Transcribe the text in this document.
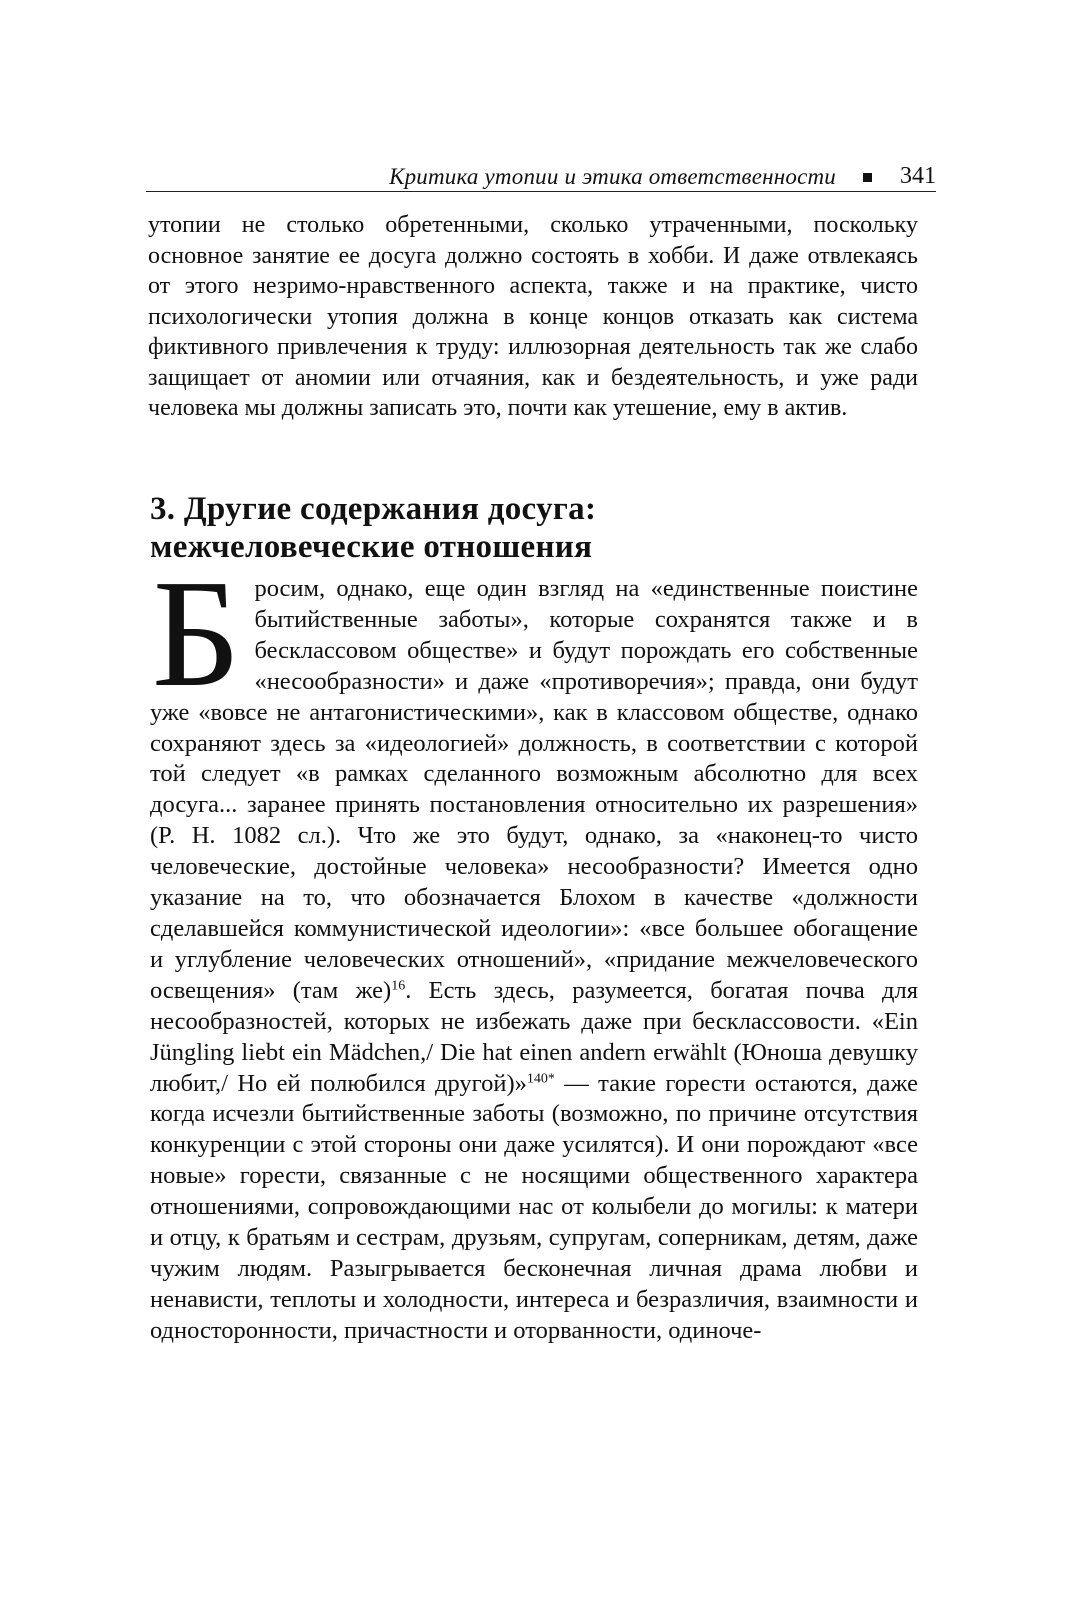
Критика утопии и этика ответственности	341

утопии не столько обретенными, сколько утраченными, поскольку основное занятие ее досуга должно состоять в хобби. И даже отвлекаясь от этого незримо-нравственного аспекта, также и на практике, чисто психологически утопия должна в конце концов отказать как система фиктивного привлечения к труду: иллюзорная деятельность так же слабо защищает от аномии или отчаяния, как и бездеятельность, и уже ради человека мы должны записать это, почти как утешение, ему в актив.

3. Другие содержания досуга:
межчеловеческие отношения

Бросим, однако, еще один взгляд на «единственные поистине бытийственные заботы», которые сохранятся также и в бесклассовом обществе» и будут порождать его собственные «несообразности» и даже «противоречия»; правда, они будут уже «вовсе не антагонистическими», как в классовом обществе, однако сохраняют здесь за «идеологией» должность, в соответствии с которой той следует «в рамках сделанного возможным абсолютно для всех досуга... заранее принять постановления относительно их разрешения» (P. H. 1082 сл.). Что же это будут, однако, за «наконец-то чисто человеческие, достойные человека» несообразности? Имеется одно указание на то, что обозначается Блохом в качестве «должности сделавшейся коммунистической идеологии»: «все большее обогащение и углубление человеческих отношений», «придание межчеловеческого освещения» (там же)$^{16}$. Есть здесь, разумеется, богатая почва для несообразностей, которых не избежать даже при бесклассовости. «Ein Jüngling liebt ein Mädchen,/ Die hat einen andern erwählt (Юноша девушку любит,/ Но ей полюбился другой)»$^{140*}$ — такие горести остаются, даже когда исчезли бытийственные заботы (возможно, по причине отсутствия конкуренции с этой стороны они даже усилятся). И они порождают «все новые» горести, связанные с не носящими общественного характера отношениями, сопровождающими нас от колыбели до могилы: к матери и отцу, к братьям и сестрам, друзьям, супругам, соперникам, детям, даже чужим людям. Разыгрывается бесконечная личная драма любви и ненависти, теплоты и холодности, интереса и безразличия, взаимности и односторонности, причастности и оторванности, одиноче-
